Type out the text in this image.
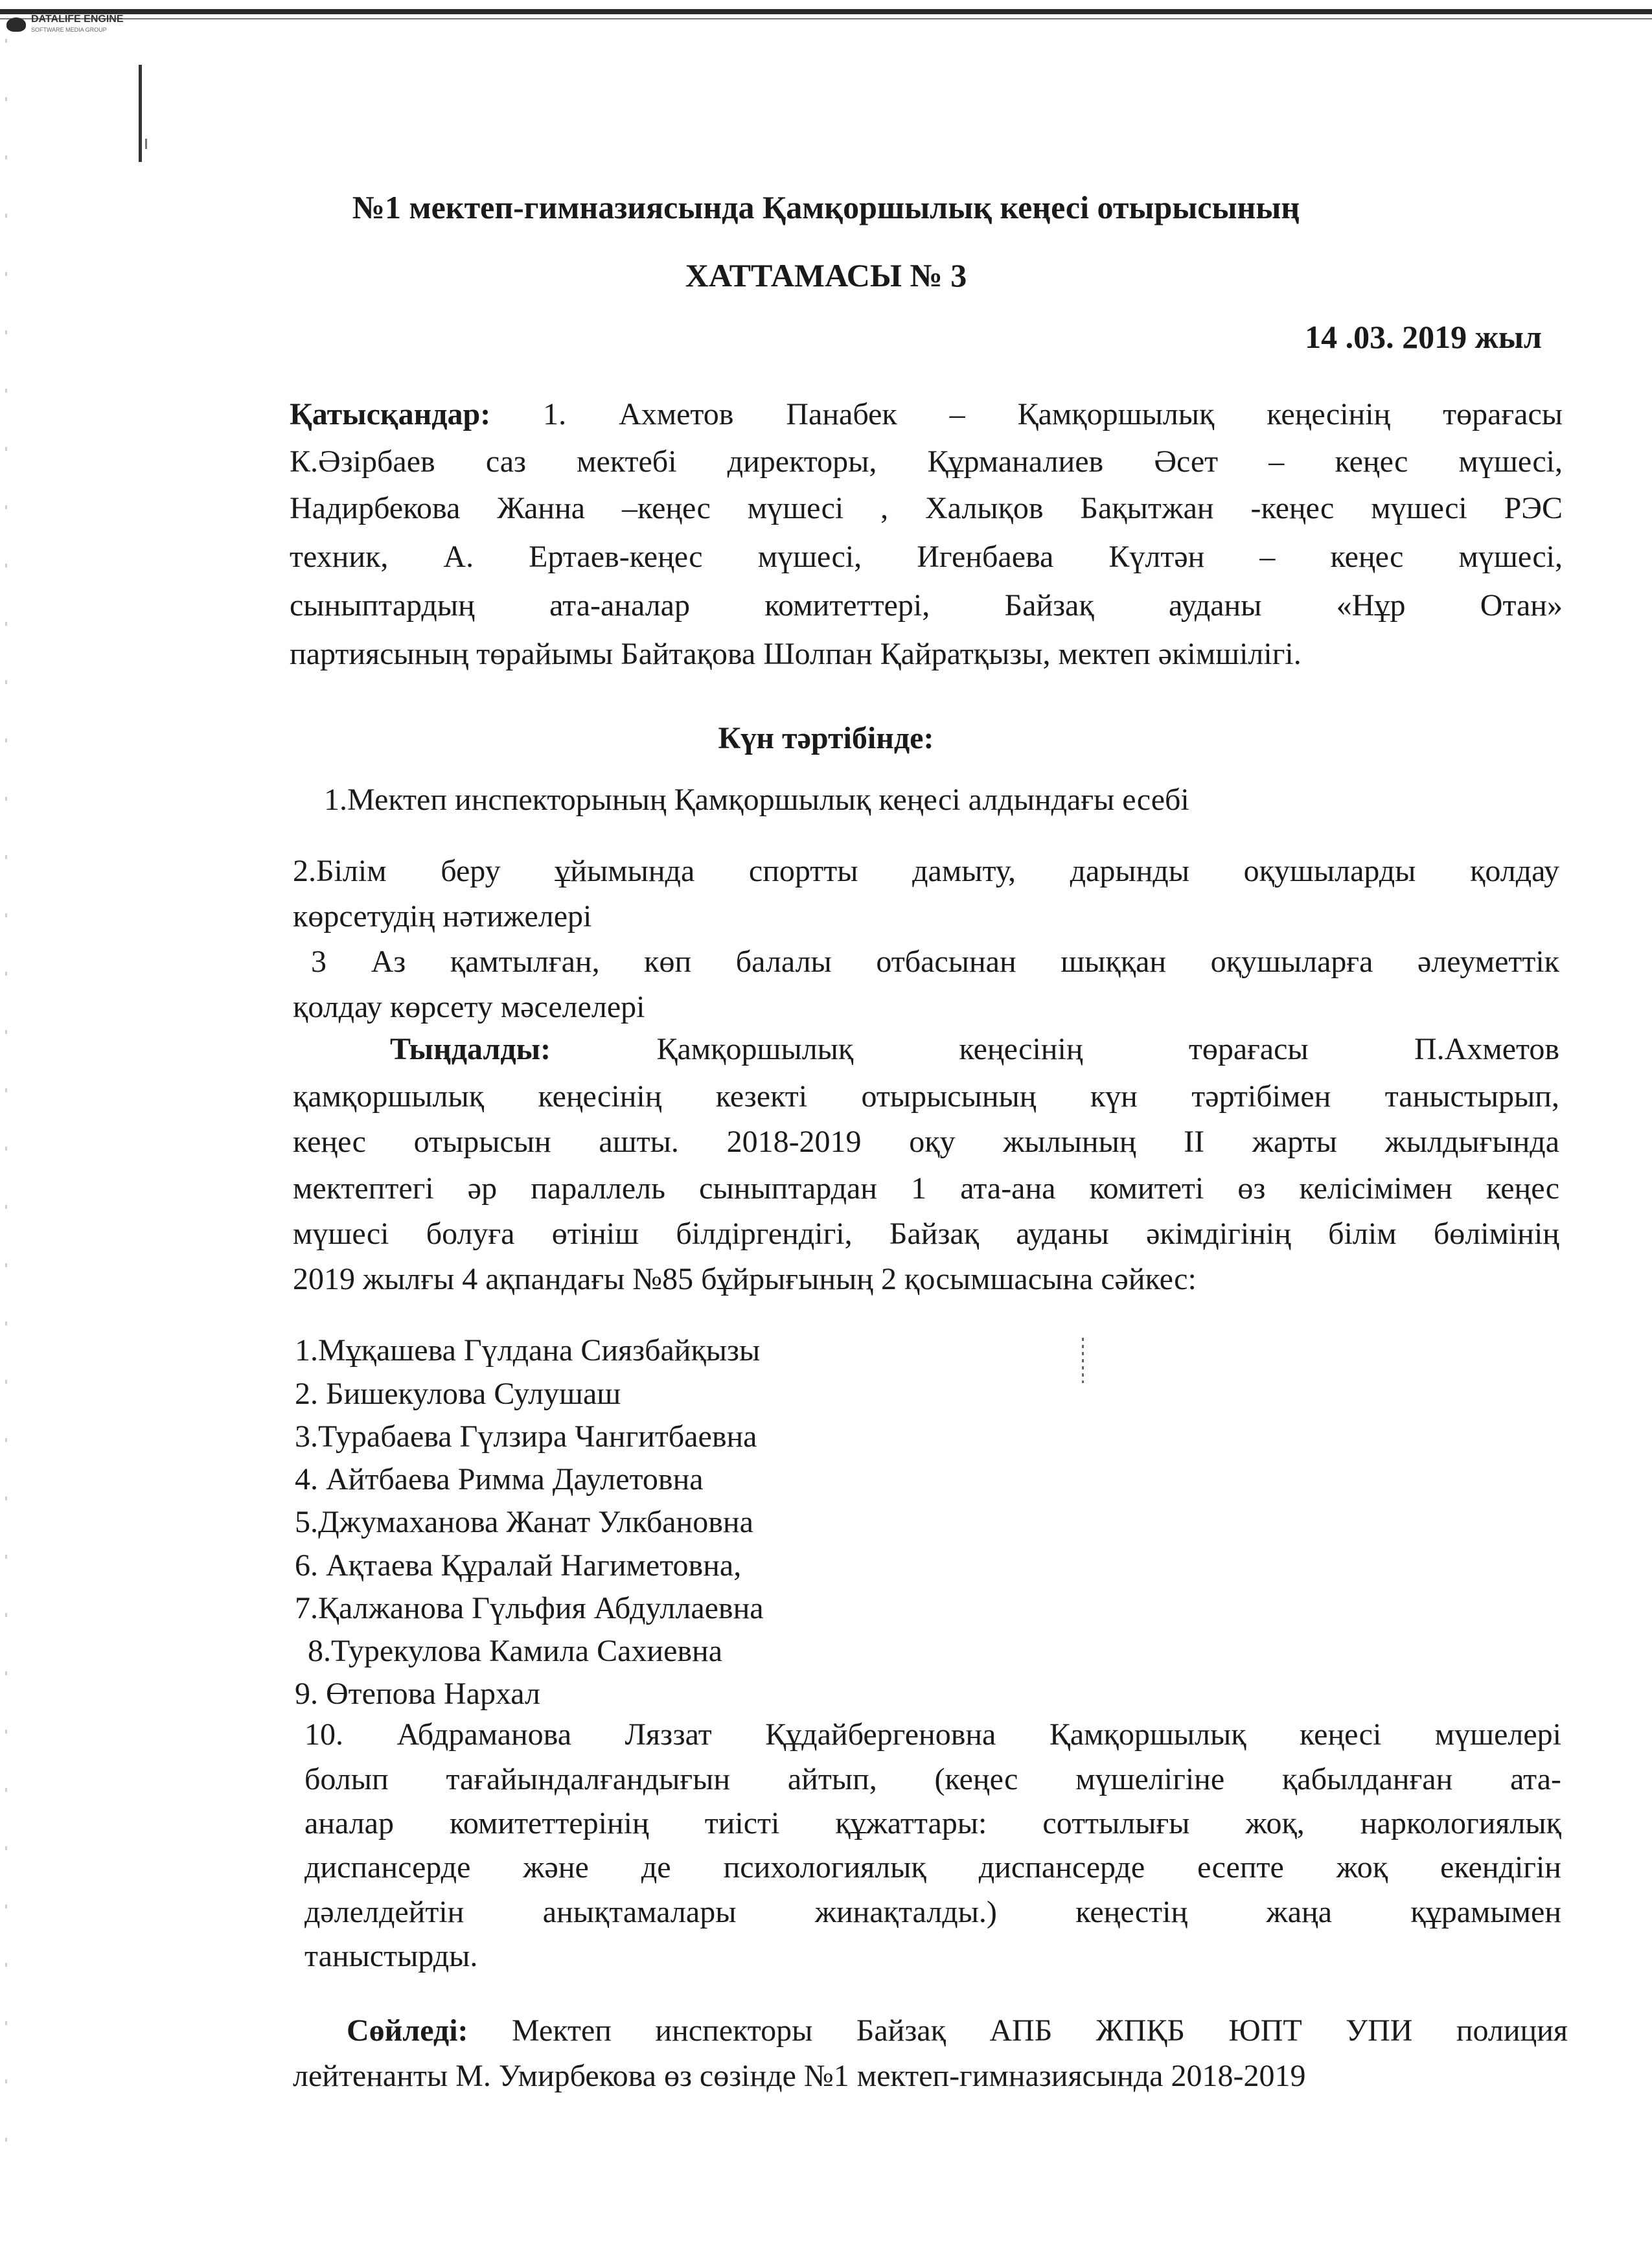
DATALIFE ENGINE
SOFTWARE MEDIA GROUP
№1 мектеп-гимназиясында Қамқоршылық кеңесі отырысының
ХАТТАМАСЫ № 3
14 .03. 2019 жыл
Қатысқандар: 1. Ахметов Панабек – Қамқоршылық кеңесінің төрағасы
К.Әзірбаев саз мектебі директоры, Құрманалиев Әсет – кеңес мүшесі,
Надирбекова Жанна –кеңес мүшесі , Халықов Бақытжан -кеңес мүшесі РЭС
техник, А. Ертаев-кеңес мүшесі, Игенбаева Күлтән – кеңес мүшесі,
сыныптардың ата-аналар комитеттері, Байзақ ауданы «Нұр Отан»
партиясының төрайымы Байтақова Шолпан Қайратқызы, мектеп әкімшілігі.
Күн тәртібінде:
1.Мектеп инспекторының Қамқоршылық кеңесі алдындағы есебі
2.Білім беру ұйымында спортты дамыту, дарынды оқушыларды қолдау
көрсетудің нәтижелері
3 Аз қамтылған, көп балалы отбасынан шыққан оқушыларға әлеуметтік
қолдау көрсету мәселелері
Тыңдалды:	Қамқоршылық кеңесінің төрағасы П.Ахметов
қамқоршылық кеңесінің кезекті отырысының күн тәртібімен таныстырып,
кеңес отырысын ашты. 2018-2019 оқу жылының ІІ жарты жылдығында
мектептегі әр параллель сыныптардан 1 ата-ана комитеті өз келісімімен кеңес
мүшесі болуға өтініш білдіргендігі, Байзақ ауданы әкімдігінің білім бөлімінің
2019 жылғы 4 ақпандағы №85 бұйрығының 2 қосымшасына сәйкес:
1.Мұқашева Гүлдана Сиязбайқызы
2. Бишекулова Сулушаш
3.Турабаева Гүлзира Чангитбаевна
4. Айтбаева Римма Даулетовна
5.Джумаханова Жанат Улкбановна
6. Ақтаева Құралай Нагиметовна,
7.Қалжанова Гүльфия Абдуллаевна
8.Турекулова Камила Сахиевна
9. Өтепова Нархал
10. Абдраманова Ляззат Құдайбергеновна Қамқоршылық кеңесі мүшелері
болып тағайындалғандығын айтып, (кеңес мүшелігіне қабылданған ата-
аналар комитеттерінің тиісті құжаттары: соттылығы жоқ, наркологиялық
диспансерде және де психологиялық диспансерде есепте жоқ екендігін
дәлелдейтін анықтамалары жинақталды.) кеңестің жаңа құрамымен
таныстырды.
Сөйледі: Мектеп инспекторы Байзақ АПБ ЖПҚБ ЮПТ УПИ полиция
лейтенанты М. Умирбекова өз сөзінде №1 мектеп-гимназиясында 2018-2019
